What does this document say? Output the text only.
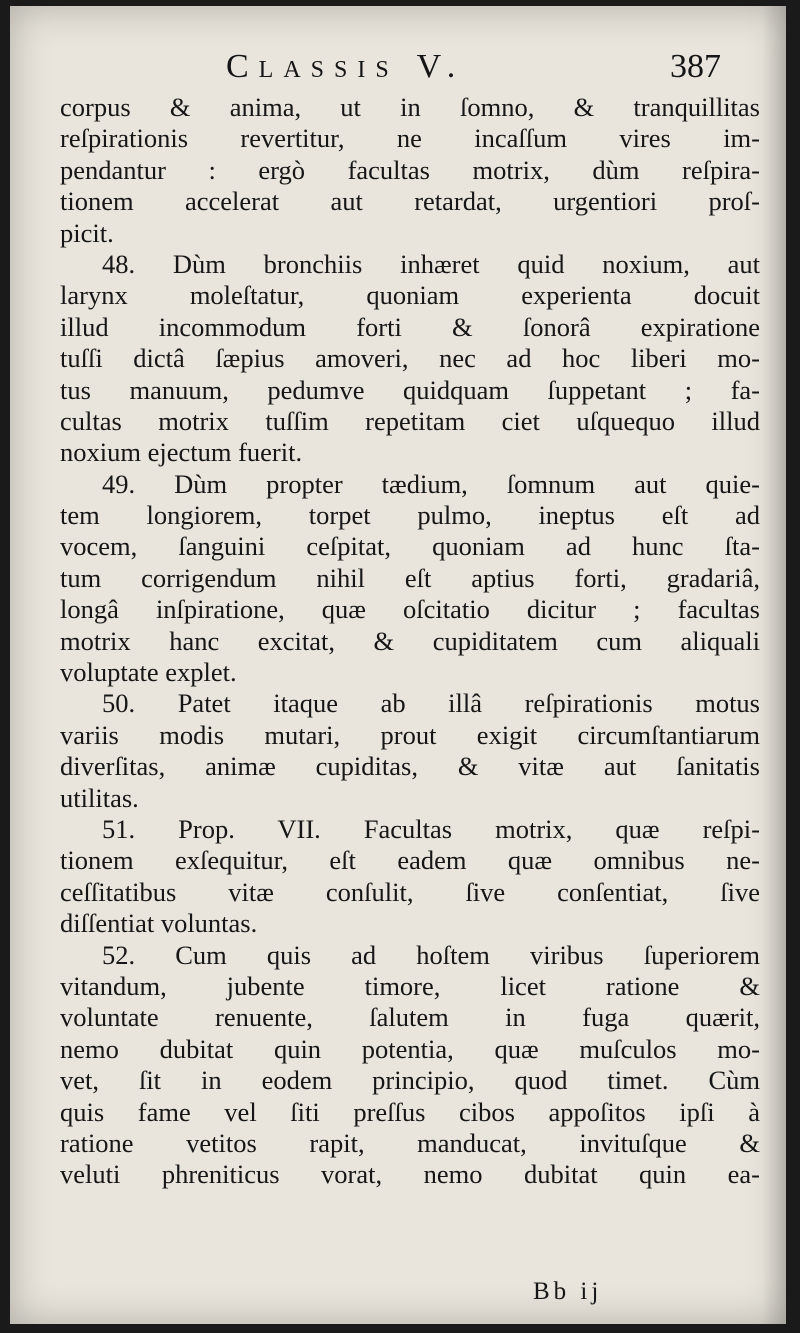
Classis V.	387
corpus & anima, ut in ſomno, & tranquillitas
reſpirationis revertitur, ne incaſſum vires im-
pendantur : ergò facultas motrix, dùm reſpira-
tionem accelerat aut retardat, urgentiori proſ-
picit.
48. Dùm bronchiis inhæret quid noxium, aut
larynx moleſtatur, quoniam experienta docuit
illud incommodum forti & ſonorâ expiratione
tuſſi dictâ ſæpius amoveri, nec ad hoc liberi mo-
tus manuum, pedumve quidquam ſuppetant ; fa-
cultas motrix tuſſim repetitam ciet uſquequo illud
noxium ejectum fuerit.
49. Dùm propter tædium, ſomnum aut quie-
tem longiorem, torpet pulmo, ineptus eſt ad
vocem, ſanguini ceſpitat, quoniam ad hunc ſta-
tum corrigendum nihil eſt aptius forti, gradariâ,
longâ inſpiratione, quæ oſcitatio dicitur ; facultas
motrix hanc excitat, & cupiditatem cum aliquali
voluptate explet.
50. Patet itaque ab illâ reſpirationis motus
variis modis mutari, prout exigit circumſtantiarum
diverſitas, animæ cupiditas, & vitæ aut ſanitatis
utilitas.
51. Prop. VII. Facultas motrix, quæ reſpi-
tionem exſequitur, eſt eadem quæ omnibus ne-
ceſſitatibus vitæ conſulit, ſive conſentiat, ſive
diſſentiat voluntas.
52. Cum quis ad hoſtem viribus ſuperiorem
vitandum, jubente timore, licet ratione &
voluntate renuente, ſalutem in fuga quærit,
nemo dubitat quin potentia, quæ muſculos mo-
vet, ſit in eodem principio, quod timet. Cùm
quis fame vel ſiti preſſus cibos appoſitos ipſi à
ratione vetitos rapit, manducat, invituſque &
veluti phreniticus vorat, nemo dubitat quin ea-
Bb ij
